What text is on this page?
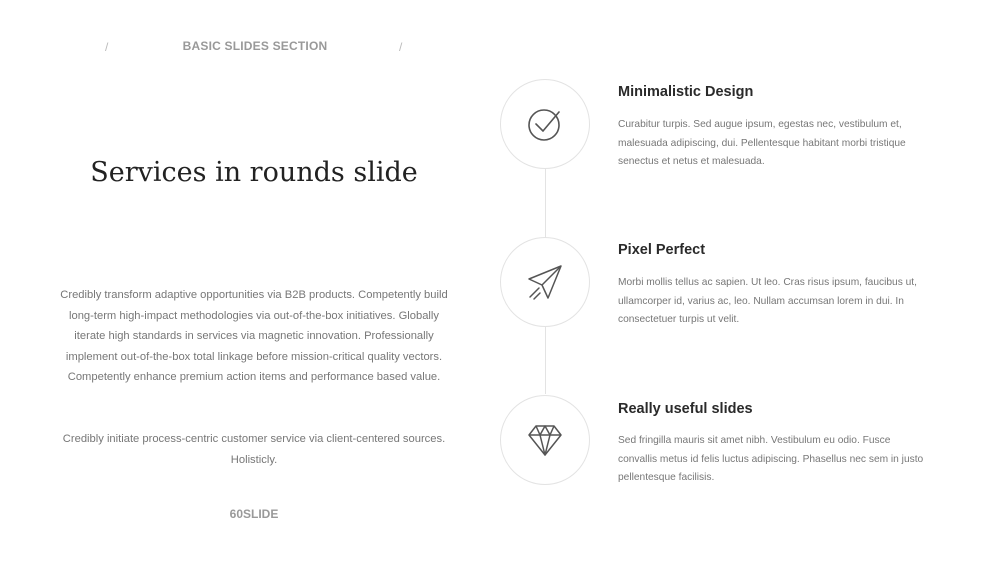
/	BASIC SLIDES SECTION	/
Services in rounds slide

Credibly transform adaptive opportunities via B2B products. Competently build long-term high-impact methodologies via out-of-the-box initiatives. Globally iterate high standards in services via magnetic innovation. Professionally implement out-of-the-box total linkage before mission-critical quality vectors. Competently enhance premium action items and performance based value.

Credibly initiate process-centric customer service via client-centered sources. Holisticly.

60SLIDE
Minimalistic Design

Curabitur turpis. Sed augue ipsum, egestas nec, vestibulum et, malesuada adipiscing, dui. Pellentesque habitant morbi tristique senectus et netus et malesuada.

Pixel Perfect

Morbi mollis tellus ac sapien. Ut leo. Cras risus ipsum, faucibus ut, ullamcorper id, varius ac, leo. Nullam accumsan lorem in dui. In consectetuer turpis ut velit.

Really useful slides

Sed fringilla mauris sit amet nibh. Vestibulum eu odio. Fusce convallis metus id felis luctus adipiscing. Phasellus nec sem in justo pellentesque facilisis.
